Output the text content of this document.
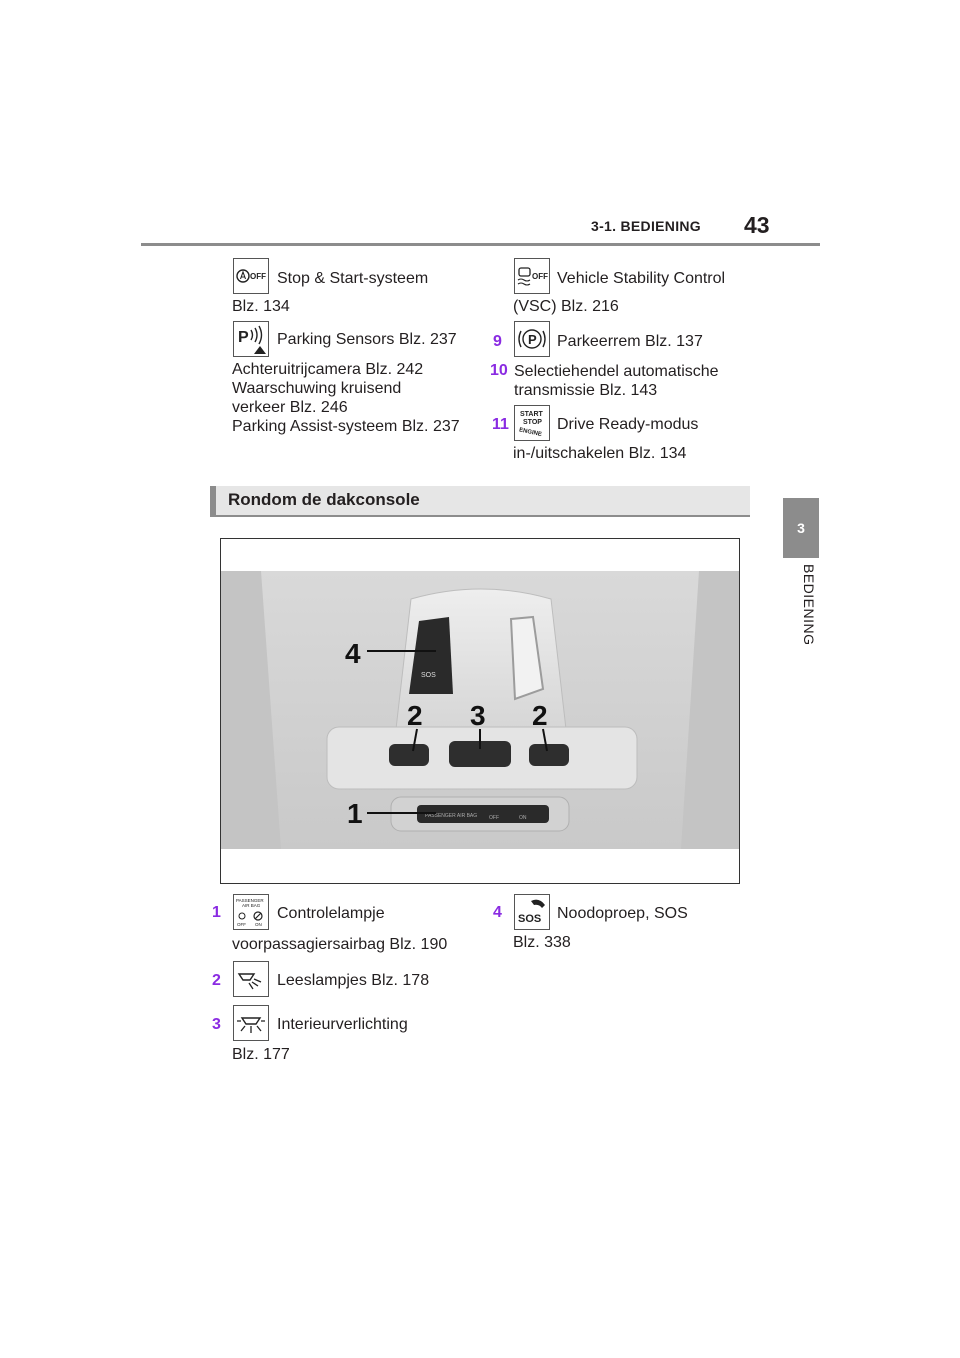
3-1. BEDIENING 43
3
BEDIENING
OFF Stop & Start-systeem
Blz. 134
P Parking Sensors Blz. 237
Achteruitrijcamera Blz. 242
Waarschuwing kruisend
verkeer Blz. 246
Parking Assist-systeem Blz. 237
OFF Vehicle Stability Control
(VSC) Blz. 216
9 P Parkeerrem Blz. 137
10 Selectiehendel automatische
transmissie Blz. 143
11
START
STOP
ENGINE Drive Ready-modus
in-/uitschakelen Blz. 134
Rondom de dakconsole
SOS
PASSENGER AIR BAG OFF	ON
4
2 3 2
1
1
PASSENGER
AIR BAG
OFF ON
Controlelampje
voorpassagiersairbag Blz. 190
2	Leeslampjes Blz. 178
3	Interieurverlichting
Blz. 177
4 SOS Noodoproep, SOS
Blz. 338
